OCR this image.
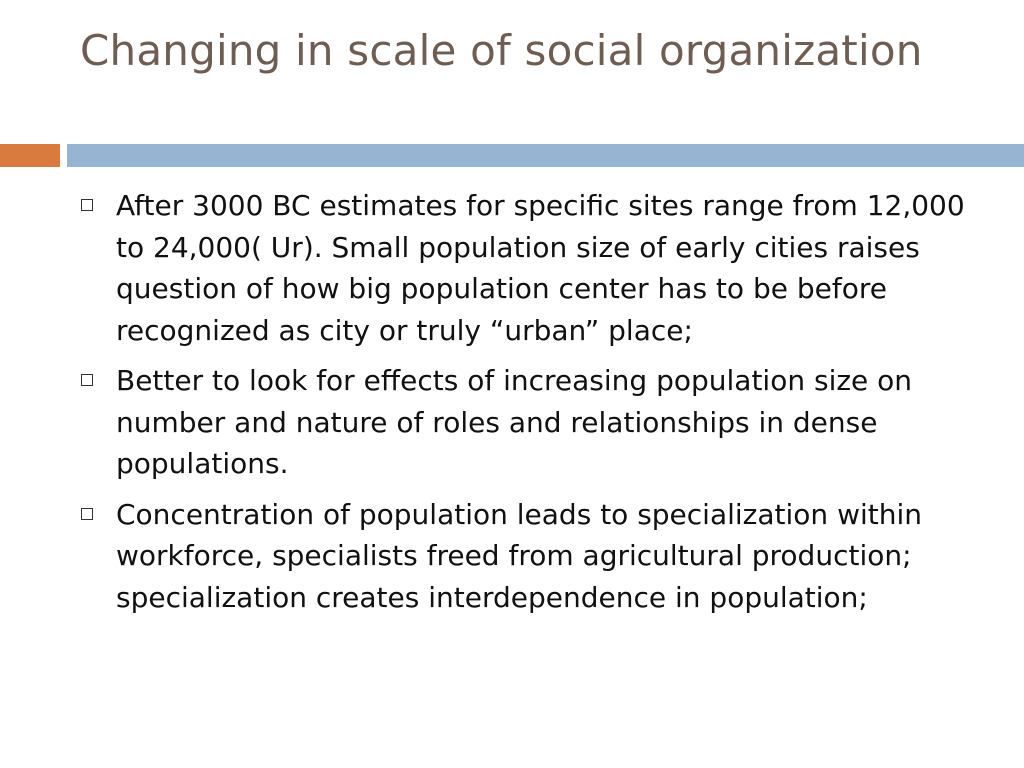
Changing in scale of social organization
After 3000 BC estimates for specific sites range from 12,000 to 24,000( Ur). Small population size of early cities raises question of how big population center has to be before recognized as city or truly “urban” place;
Better to look for effects of increasing population size on number and nature of roles and relationships in dense populations.
Concentration of population leads to specialization within workforce, specialists freed from agricultural production; specialization creates interdependence in population;
